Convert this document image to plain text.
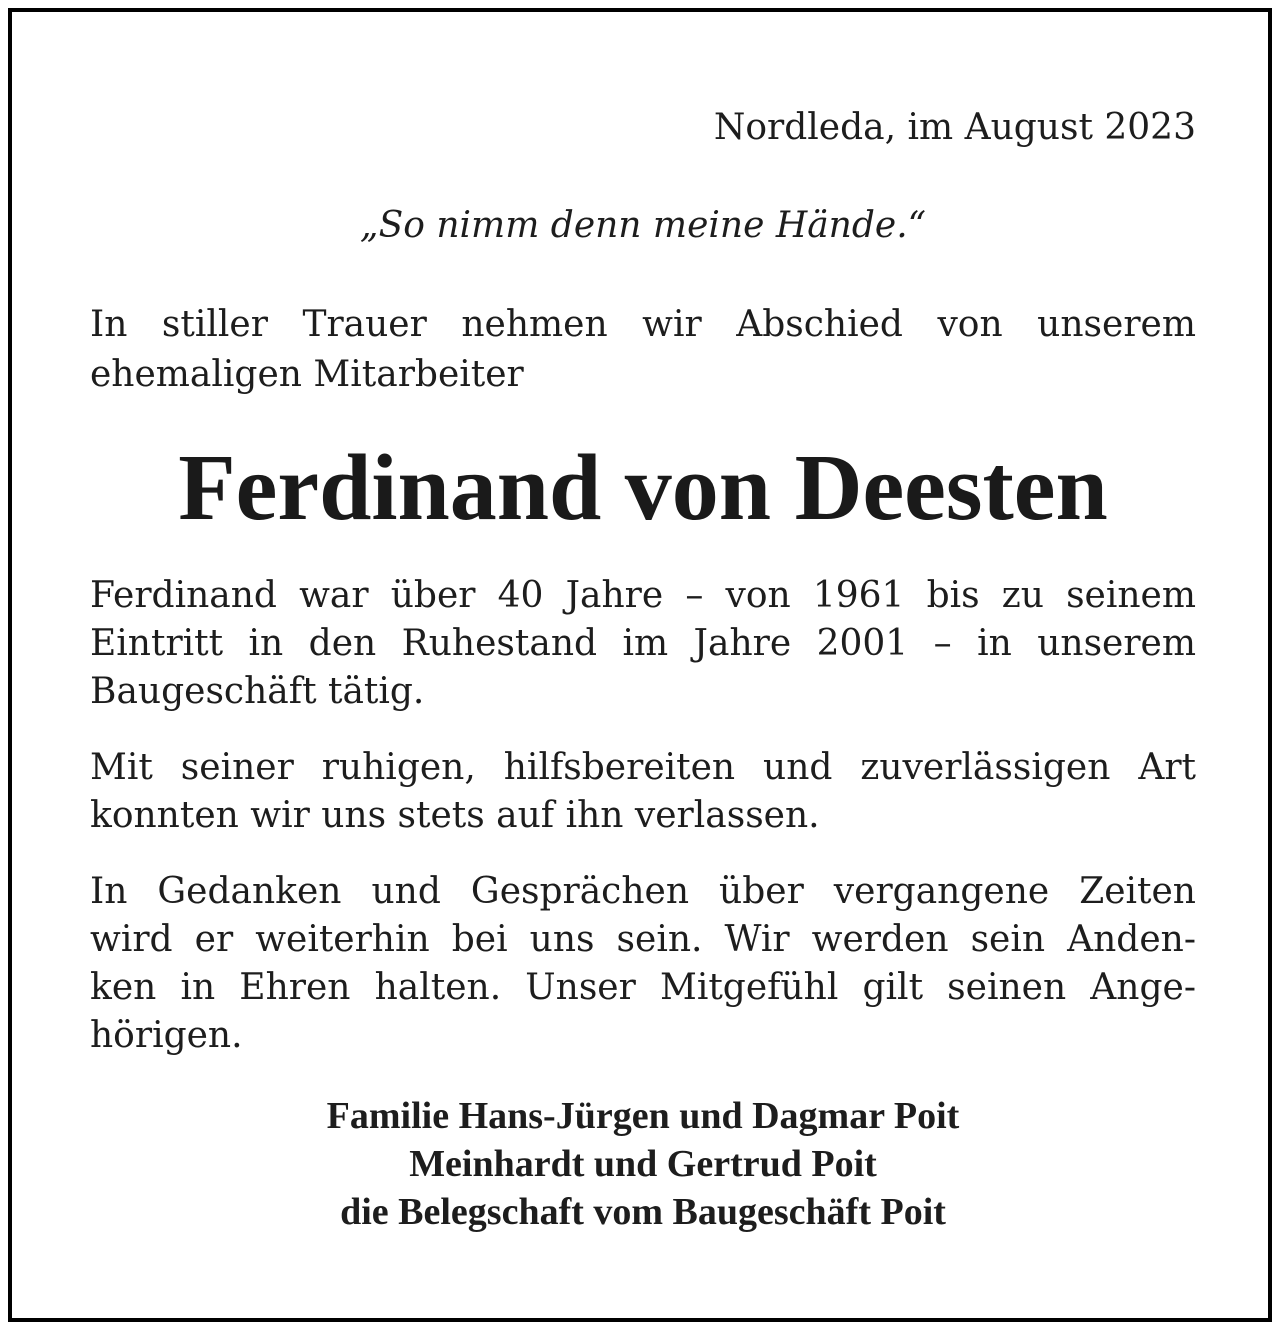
Nordleda, im August 2023
„So nimm denn meine Hände.“
In stiller Trauer nehmen wir Abschied von unserem
ehemaligen Mitarbeiter
Ferdinand von Deesten
Ferdinand war über 40 Jahre – von 1961 bis zu seinem
Eintritt in den Ruhestand im Jahre 2001 – in unserem
Baugeschäft tätig.
Mit seiner ruhigen, hilfsbereiten und zuverlässigen Art
konnten wir uns stets auf ihn verlassen.
In Gedanken und Gesprächen über vergangene Zeiten
wird er weiterhin bei uns sein. Wir werden sein Anden-
ken in Ehren halten. Unser Mitgefühl gilt seinen Ange-
hörigen.
Familie Hans-Jürgen und Dagmar Poit
Meinhardt und Gertrud Poit
die Belegschaft vom Baugeschäft Poit
